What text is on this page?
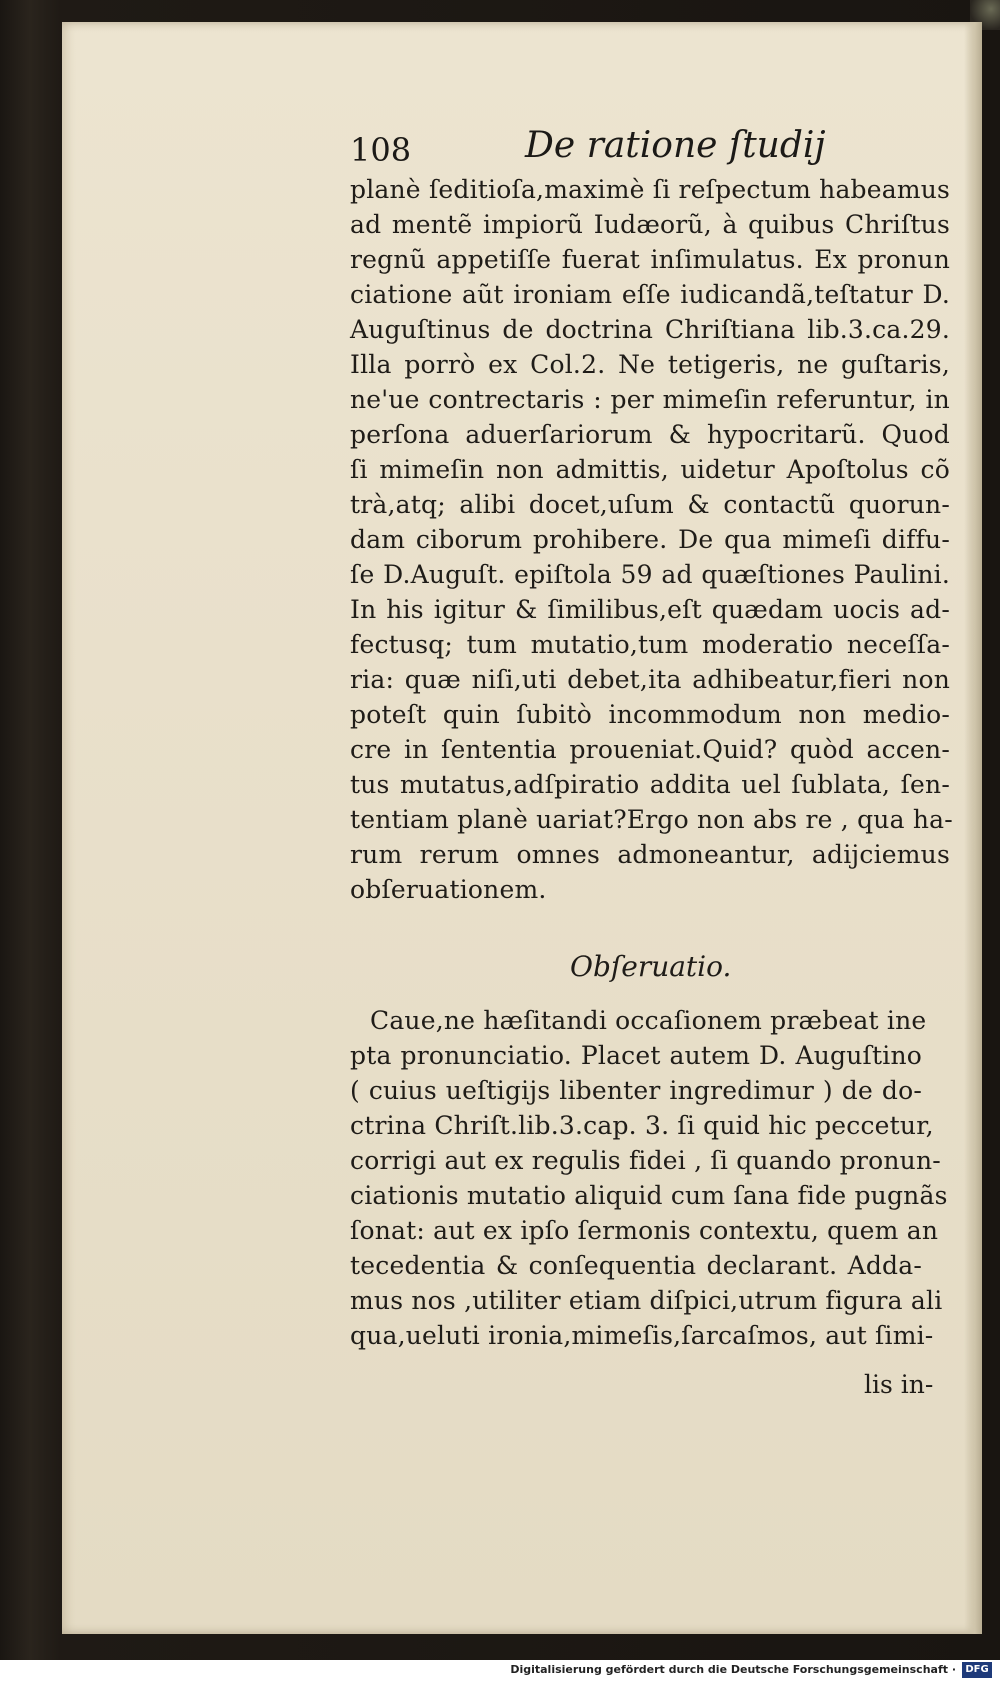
108	De ratione ſtudij
planè ſeditioſa,maximè ſi reſpectum habeamus
ad mentẽ impiorũ Iudæorũ, à quibus Chriſtus
regnũ appetiſſe fuerat inſimulatus. Ex pronun
ciatione aũt ironiam eſſe iudicandã,teſtatur D.
Auguſtinus de doctrina Chriſtiana lib.3.ca.29.
Illa porrò ex Col.2. Ne tetigeris, ne guſtaris,
ne'ue contrectaris : per mimeſin referuntur, in
perſona aduerſariorum & hypocritarũ. Quod
ſi mimeſin non admittis, uidetur Apoſtolus cõ
trà,atq; alibi docet,uſum & contactũ quorun-
dam ciborum prohibere. De qua mimeſi diffu-
ſe D.Auguſt. epiſtola 59 ad quæſtiones Paulini.
In his igitur & ſimilibus,eſt quædam uocis ad-
fectusq; tum mutatio,tum moderatio neceſſa-
ria: quæ niſi,uti debet,ita adhibeatur,fieri non
poteſt quin ſubitò incommodum non medio-
cre in ſententia proueniat.Quid? quòd accen-
tus mutatus,adſpiratio addita uel ſublata, ſen-
tentiam planè uariat?Ergo non abs re , qua ha-
rum rerum omnes admoneantur, adijciemus
obſeruationem.
Obſeruatio.
Caue,ne hæſitandi occaſionem præbeat ine
pta pronunciatio. Placet autem D. Auguſtino
( cuius ueſtigijs libenter ingredimur ) de do-
ctrina Chriſt.lib.3.cap. 3. ſi quid hic peccetur,
corrigi aut ex regulis fidei , ſi quando pronun-
ciationis mutatio aliquid cum ſana fide pugnãs
ſonat: aut ex ipſo ſermonis contextu, quem an
tecedentia & conſequentia declarant. Adda-
mus nos ,utiliter etiam diſpici,utrum figura ali
qua,ueluti ironia,mimeſis,ſarcaſmos, aut ſimi-
lis in-
Digitalisierung gefördert durch die Deutsche Forschungsgemeinschaft · DFG
